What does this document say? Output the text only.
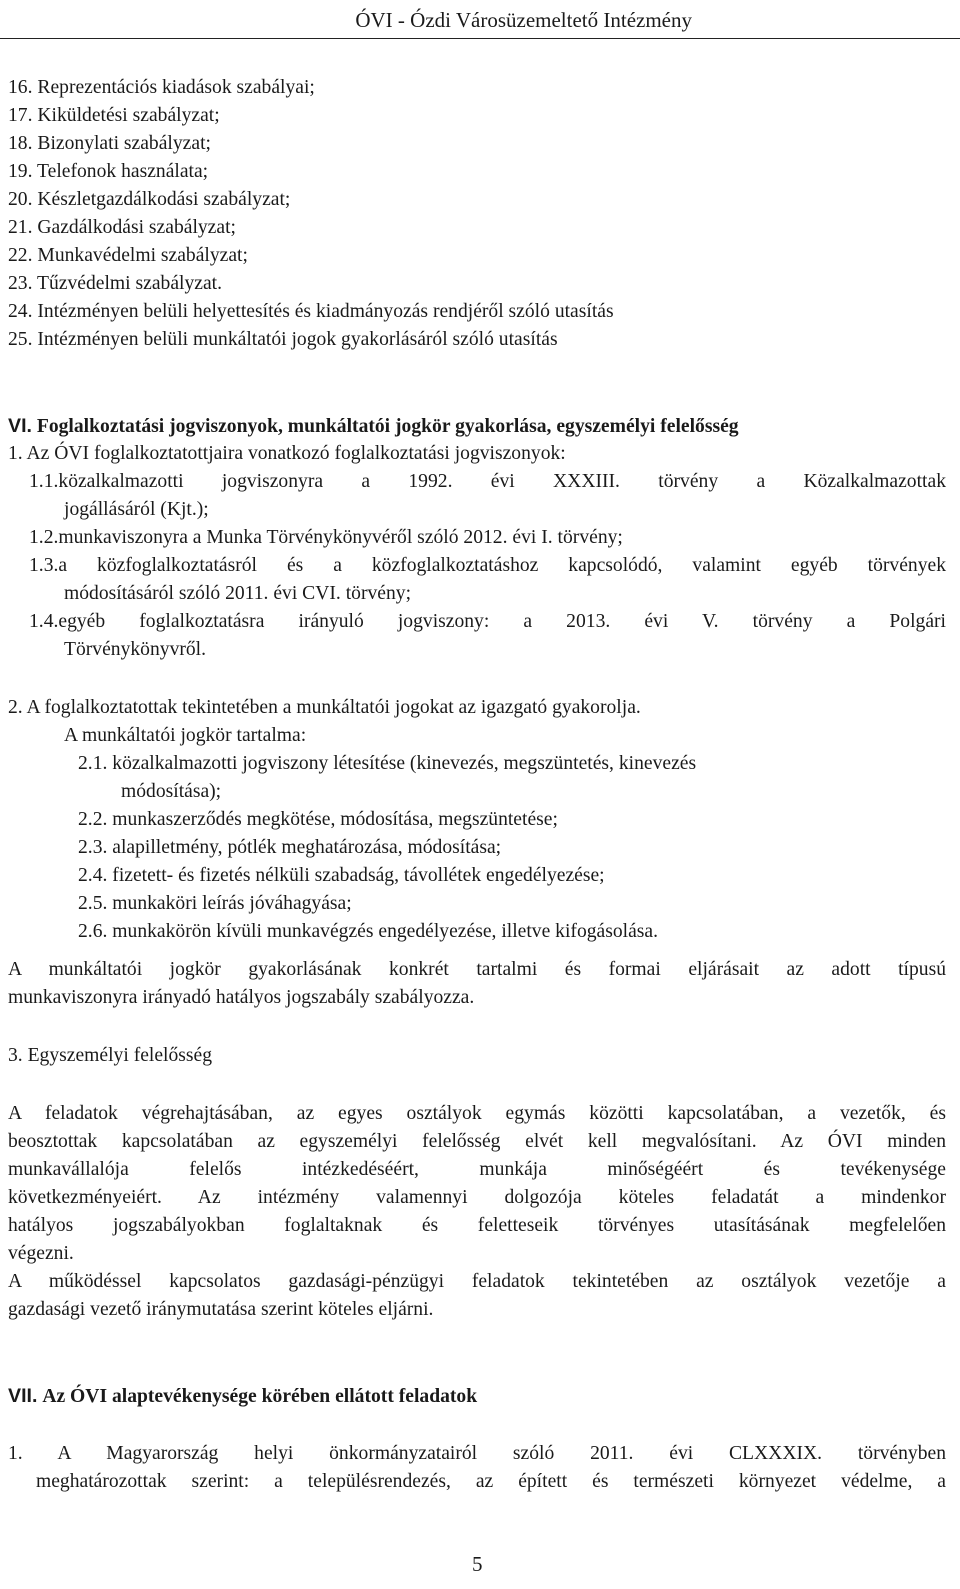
ÓVI - Ózdi Városüzemeltető Intézmény
16. Reprezentációs kiadások szabályai;
17. Kiküldetési szabályzat;
18. Bizonylati szabályzat;
19. Telefonok használata;
20. Készletgazdálkodási szabályzat;
21. Gazdálkodási szabályzat;
22. Munkavédelmi szabályzat;
23. Tűzvédelmi szabályzat.
24. Intézményen belüli helyettesítés és kiadmányozás rendjéről szóló utasítás
25. Intézményen belüli munkáltatói jogok gyakorlásáról szóló utasítás
VI. Foglalkoztatási jogviszonyok, munkáltatói jogkör gyakorlása, egyszemélyi felelősség
1. Az ÓVI foglalkoztatottjaira vonatkozó foglalkoztatási jogviszonyok:
1.1.közalkalmazotti jogviszonyra a 1992. évi XXXIII. törvény a Közalkalmazottak
jogállásáról (Kjt.);
1.2.munkaviszonyra a Munka Törvénykönyvéről szóló 2012. évi I. törvény;
1.3.a közfoglalkoztatásról és a közfoglalkoztatáshoz kapcsolódó, valamint egyéb törvények
módosításáról szóló 2011. évi CVI. törvény;
1.4.egyéb foglalkoztatásra irányuló jogviszony: a 2013. évi V. törvény a Polgári
Törvénykönyvről.
2. A foglalkoztatottak tekintetében a munkáltatói jogokat az igazgató gyakorolja.
A munkáltatói jogkör tartalma:
2.1. közalkalmazotti jogviszony létesítése (kinevezés, megszüntetés, kinevezés
módosítása);
2.2. munkaszerződés megkötése, módosítása, megszüntetése;
2.3. alapilletmény, pótlék meghatározása, módosítása;
2.4. fizetett- és fizetés nélküli szabadság, távollétek engedélyezése;
2.5. munkaköri leírás jóváhagyása;
2.6. munkakörön kívüli munkavégzés engedélyezése, illetve kifogásolása.
A munkáltatói jogkör gyakorlásának konkrét tartalmi és formai eljárásait az adott típusú
munkaviszonyra irányadó hatályos jogszabály szabályozza.
3. Egyszemélyi felelősség
A feladatok végrehajtásában, az egyes osztályok egymás közötti kapcsolatában, a vezetők, és
beosztottak kapcsolatában az egyszemélyi felelősség elvét kell megvalósítani. Az ÓVI minden
munkavállalója felelős intézkedéséért, munkája minőségéért és tevékenysége
következményeiért. Az intézmény valamennyi dolgozója köteles feladatát a mindenkor
hatályos jogszabályokban foglaltaknak és feletteseik törvényes utasításának megfelelően
végezni.
A működéssel kapcsolatos gazdasági-pénzügyi feladatok tekintetében az osztályok vezetője a
gazdasági vezető iránymutatása szerint köteles eljárni.
VII. Az ÓVI alaptevékenysége körében ellátott feladatok
1. A Magyarország helyi önkormányzatairól szóló 2011. évi CLXXXIX. törvényben
meghatározottak szerint: a településrendezés, az épített és természeti környezet védelme, a
5
